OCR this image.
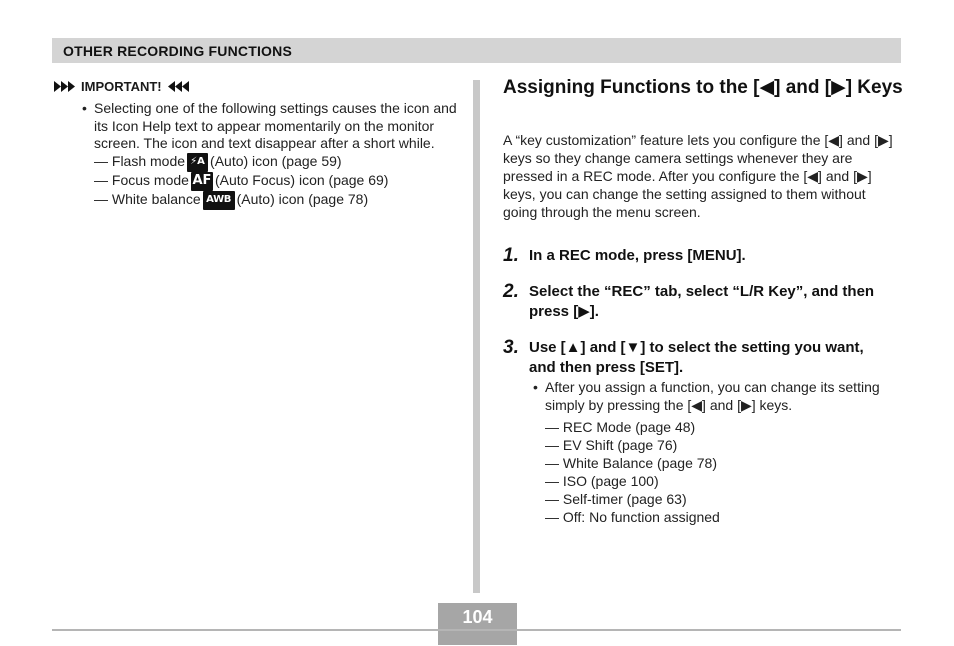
OTHER RECORDING FUNCTIONS
IMPORTANT!
• Selecting one of the following settings causes the icon and its Icon Help text to appear momentarily on the monitor screen. The icon and text disappear after a short while.
— Flash mode ⚡A (Auto) icon (page 59)
— Focus mode AF (Auto Focus) icon (page 69)
— White balance AWB (Auto) icon (page 78)
Assigning Functions to the [◀] and [▶] Keys
A “key customization” feature lets you configure the [◀] and [▶] keys so they change camera settings whenever they are pressed in a REC mode. After you configure the [◀] and [▶] keys, you can change the setting assigned to them without going through the menu screen.
1. In a REC mode, press [MENU].
2. Select the “REC” tab, select “L/R Key”, and then press [▶].
3. Use [▲] and [▼] to select the setting you want, and then press [SET].
• After you assign a function, you can change its setting simply by pressing the [◀] and [▶] keys.
— REC Mode (page 48)
— EV Shift (page 76)
— White Balance (page 78)
— ISO (page 100)
— Self-timer (page 63)
— Off: No function assigned
104
